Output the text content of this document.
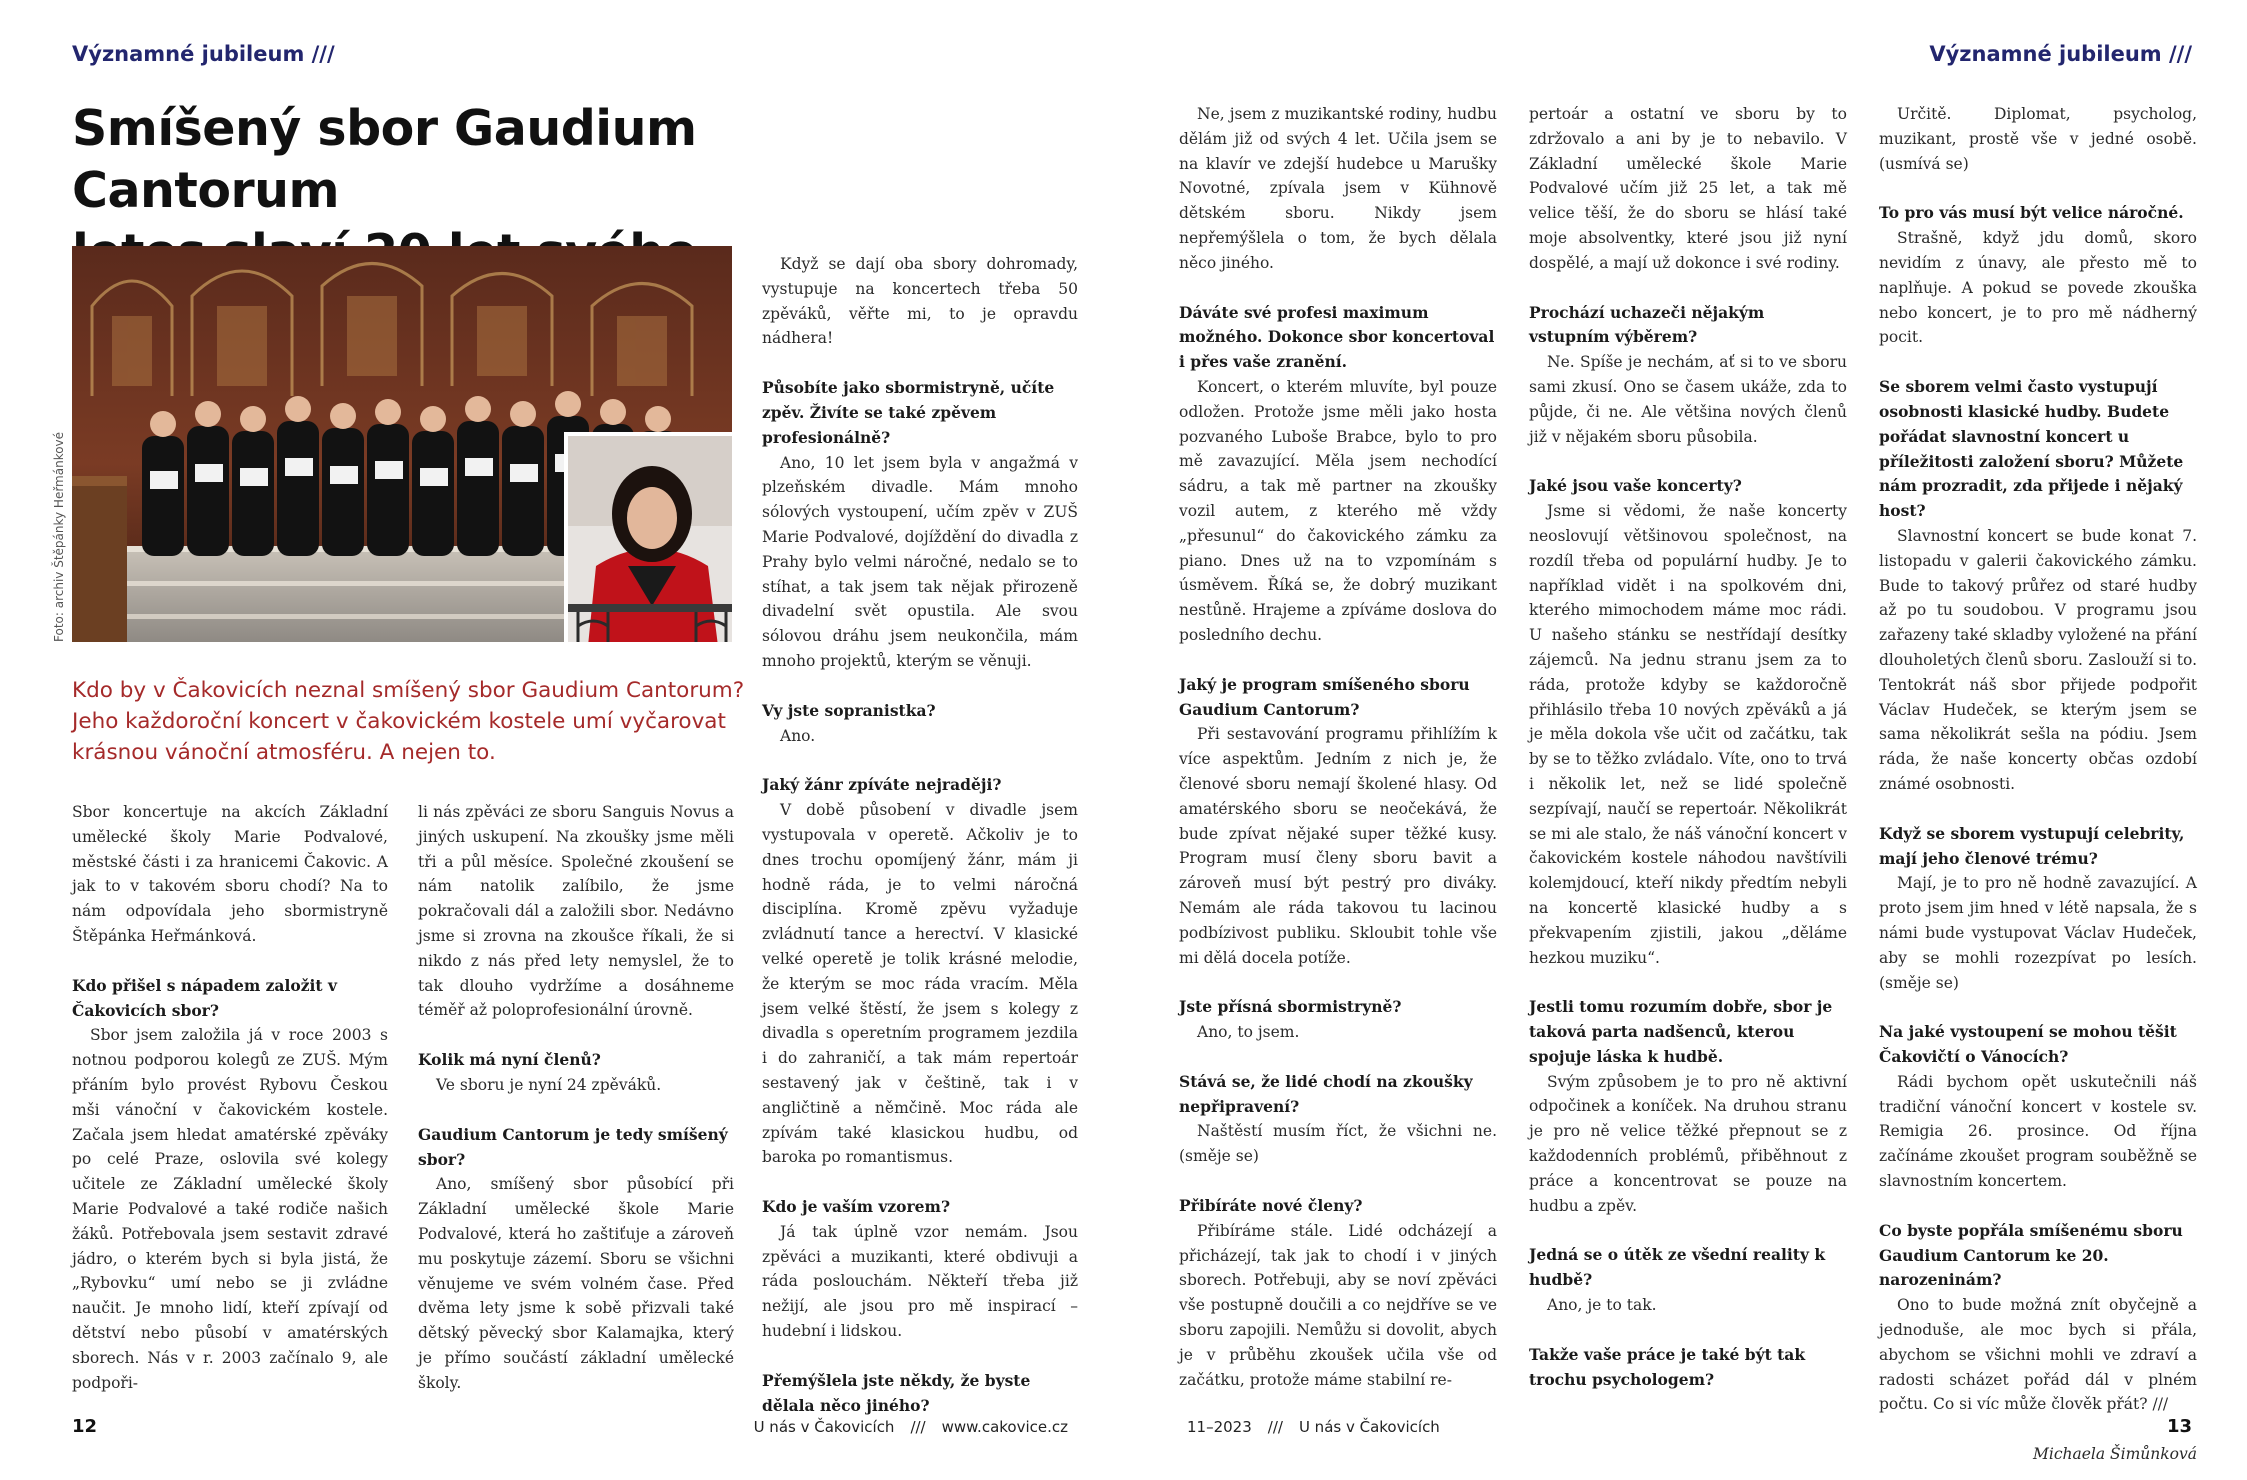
Významné jubileum ///
Smíšený sbor Gaudium Cantorum

Foto: archiv Štěpánky Heřmánkové
Kdo by v Čakovicích neznal smíšený sbor Gaudium Cantorum? Jeho každoroční koncert v čakovickém kostele umí vyčarovat krásnou vánoční atmosféru. A nejen to.

Sbor koncertuje na akcích Základní umělecké školy Marie Podvalové, městské části i za hranicemi Čakovic. A jak to v takovém sboru chodí? Na to nám odpovídala jeho sbormistryně Štěpánka Heřmánková.

Kdo přišel s nápadem založit v Čakovicích sbor?

Sbor jsem založila já v roce 2003 s notnou podporou kolegů ze ZUŠ. Mým přáním bylo provést Rybovu Českou mši vánoční v čakovickém kostele. Začala jsem hledat amatérské zpěváky po celé Praze, oslovila své kolegy učitele ze Základní umělecké školy Marie Podvalové a také rodiče našich žáků. Potřebovala jsem sestavit zdravé jádro, o kterém bych si byla jistá, že „Rybovku“ umí nebo se ji zvládne naučit. Je mnoho lidí, kteří zpívají od dětství nebo působí v amatérských sborech. Nás v r. 2003 začínalo 9, ale podpoři-

li nás zpěváci ze sboru Sanguis Novus a jiných uskupení. Na zkoušky jsme měli tři a půl měsíce. Společné zkoušení se nám natolik zalíbilo, že jsme pokračovali dál a založili sbor. Nedávno jsme si zrovna na zkoušce říkali, že si nikdo z nás před lety nemyslel, že to tak dlouho vydržíme a dosáhneme téměř až poloprofesionální úrovně.

Kolik má nyní členů?

Ve sboru je nyní 24 zpěváků.

Gaudium Cantorum je tedy smíšený sbor?

Ano, smíšený sbor působící při Základní umělecké škole Marie Podvalové, která ho zaštiťuje a zároveň mu poskytuje zázemí. Sboru se všichni věnujeme ve svém volném čase. Před dvěma lety jsme k sobě přizvali také dětský pěvecký sbor Kalamajka, který je přímo součástí základní umělecké školy.

Když se dají oba sbory dohromady, vystupuje na koncertech třeba 50 zpěváků, věřte mi, to je opravdu nádhera!

Působíte jako sbormistryně, učíte zpěv. Živíte se také zpěvem profesionálně?

Ano, 10 let jsem byla v angažmá v plzeňském divadle. Mám mnoho sólových vystoupení, učím zpěv v ZUŠ Marie Podvalové, dojíždění do divadla z Prahy bylo velmi náročné, nedalo se to stíhat, a tak jsem tak nějak přirozeně divadelní svět opustila. Ale svou sólovou dráhu jsem neukončila, mám mnoho projektů, kterým se věnuji.

Vy jste sopranistka?

Ano.

Jaký žánr zpíváte nejraději?

V době působení v divadle jsem vystupovala v operetě. Ačkoliv je to dnes trochu opomíjený žánr, mám ji hodně ráda, je to velmi náročná disciplína. Kromě zpěvu vyžaduje zvládnutí tance a herectví. V klasické velké operetě je tolik krásné melodie, že kterým se moc ráda vracím. Měla jsem velké štěstí, že jsem s kolegy z divadla s operetním programem jezdila i do zahraničí, a tak mám repertoár sestavený jak v češtině, tak i v angličtině a němčině. Moc ráda ale zpívám také klasickou hudbu, od baroka po romantismus.

Kdo je vaším vzorem?

Já tak úplně vzor nemám. Jsou zpěváci a muzikanti, které obdivuji a ráda poslouchám. Někteří třeba již nežijí, ale jsou pro mě inspirací – hudební i lidskou.

Přemýšlela jste někdy, že byste dělala něco jiného?

12	U nás v Čakovicích /// www.cakovice.cz
Významné jubileum ///

Ne, jsem z muzikantské rodiny, hudbu dělám již od svých 4 let. Učila jsem se na klavír ve zdejší hudebce u Marušky Novotné, zpívala jsem v Kühnově dětském sboru. Nikdy jsem nepřemýšlela o tom, že bych dělala něco jiného.

Dáváte své profesi maximum možného. Dokonce sbor koncertoval i přes vaše zranění.

Koncert, o kterém mluvíte, byl pouze odložen. Protože jsme měli jako hosta pozvaného Luboše Brabce, bylo to pro mě zavazující. Měla jsem nechodící sádru, a tak mě partner na zkoušky vozil autem, z kterého mě vždy „přesunul“ do čakovického zámku za piano. Dnes už na to vzpomínám s úsměvem. Říká se, že dobrý muzikant nestůně. Hrajeme a zpíváme doslova do posledního dechu.

Jaký je program smíšeného sboru Gaudium Cantorum?

Při sestavování programu přihlížím k více aspektům. Jedním z nich je, že členové sboru nemají školené hlasy. Od amatérského sboru se neočekává, že bude zpívat nějaké super těžké kusy. Program musí členy sboru bavit a zároveň musí být pestrý pro diváky. Nemám ale ráda takovou tu lacinou podbízivost publiku. Skloubit tohle vše mi dělá docela potíže.

Jste přísná sbormistryně?

Ano, to jsem.

Stává se, že lidé chodí na zkoušky nepřipravení?

Naštěstí musím říct, že všichni ne. (směje se)

Přibíráte nové členy?

Přibíráme stále. Lidé odcházejí a přicházejí, tak jak to chodí i v jiných sborech. Potřebuji, aby se noví zpěváci vše postupně doučili a co nejdříve se ve sboru zapojili. Nemůžu si dovolit, abych je v průběhu zkoušek učila vše od začátku, protože máme stabilní re-

pertoár a ostatní ve sboru by to zdržovalo a ani by je to nebavilo. V Základní umělecké škole Marie Podvalové učím již 25 let, a tak mě velice těší, že do sboru se hlásí také moje absolventky, které jsou již nyní dospělé, a mají už dokonce i své rodiny.

Prochází uchazeči nějakým vstupním výběrem?

Ne. Spíše je nechám, ať si to ve sboru sami zkusí. Ono se časem ukáže, zda to půjde, či ne. Ale většina nových členů již v nějakém sboru působila.

Jaké jsou vaše koncerty?

Jsme si vědomi, že naše koncerty neoslovují většinovou společnost, na rozdíl třeba od populární hudby. Je to například vidět i na spolkovém dni, kterého mimochodem máme moc rádi. U našeho stánku se nestřídají desítky zájemců. Na jednu stranu jsem za to ráda, protože kdyby se každoročně přihlásilo třeba 10 nových zpěváků a já je měla dokola vše učit od začátku, tak by se to těžko zvládalo. Víte, ono to trvá i několik let, než se lidé společně sezpívají, naučí se repertoár. Několikrát se mi ale stalo, že náš vánoční koncert v čakovickém kostele náhodou navštívili kolemjdoucí, kteří nikdy předtím nebyli na koncertě klasické hudby a s překvapením zjistili, jakou „děláme hezkou muziku“.

Jestli tomu rozumím dobře, sbor je taková parta nadšenců, kterou spojuje láska k hudbě.

Svým způsobem je to pro ně aktivní odpočinek a koníček. Na druhou stranu je pro ně velice těžké přepnout se z každodenních problémů, přiběhnout z práce a koncentrovat se pouze na hudbu a zpěv.

Jedná se o útěk ze všední reality k hudbě?

Ano, je to tak.

Takže vaše práce je také být tak trochu psychologem?

Určitě. Diplomat, psycholog, muzikant, prostě vše v jedné osobě. (usmívá se)

To pro vás musí být velice náročné.

Strašně, když jdu domů, skoro nevidím z únavy, ale přesto mě to naplňuje. A pokud se povede zkouška nebo koncert, je to pro mě nádherný pocit.

Se sborem velmi často vystupují osobnosti klasické hudby. Budete pořádat slavnostní koncert u příležitosti založení sboru? Můžete nám prozradit, zda přijede i nějaký host?

Slavnostní koncert se bude konat 7. listopadu v galerii čakovického zámku. Bude to takový průřez od staré hudby až po tu soudobou. V programu jsou zařazeny také skladby vyložené na přání dlouholetých členů sboru. Zaslouží si to. Tentokrát náš sbor přijede podpořit Václav Hudeček, se kterým jsem se sama několikrát sešla na pódiu. Jsem ráda, že naše koncerty občas ozdobí známé osobnosti.

Když se sborem vystupují celebrity, mají jeho členové trému?

Mají, je to pro ně hodně zavazující. A proto jsem jim hned v létě napsala, že s námi bude vystupovat Václav Hudeček, aby se mohli rozezpívat po lesích. (směje se)

Na jaké vystoupení se mohou těšit Čakovičtí o Vánocích?

Rádi bychom opět uskutečnili náš tradiční vánoční koncert v kostele sv. Remigia 26. prosince. Od října začínáme zkoušet program souběžně se slavnostním koncertem.

Co byste popřála smíšenému sboru Gaudium Cantorum ke 20. narozeninám?

Ono to bude možná znít obyčejně a jednoduše, ale moc bych si přála, abychom se všichni mohli ve zdraví a radosti scházet pořád dál v plném počtu. Co si víc může člověk přát? ///

Michaela Šimůnková

11–2023 /// U nás v Čakovicích	13
